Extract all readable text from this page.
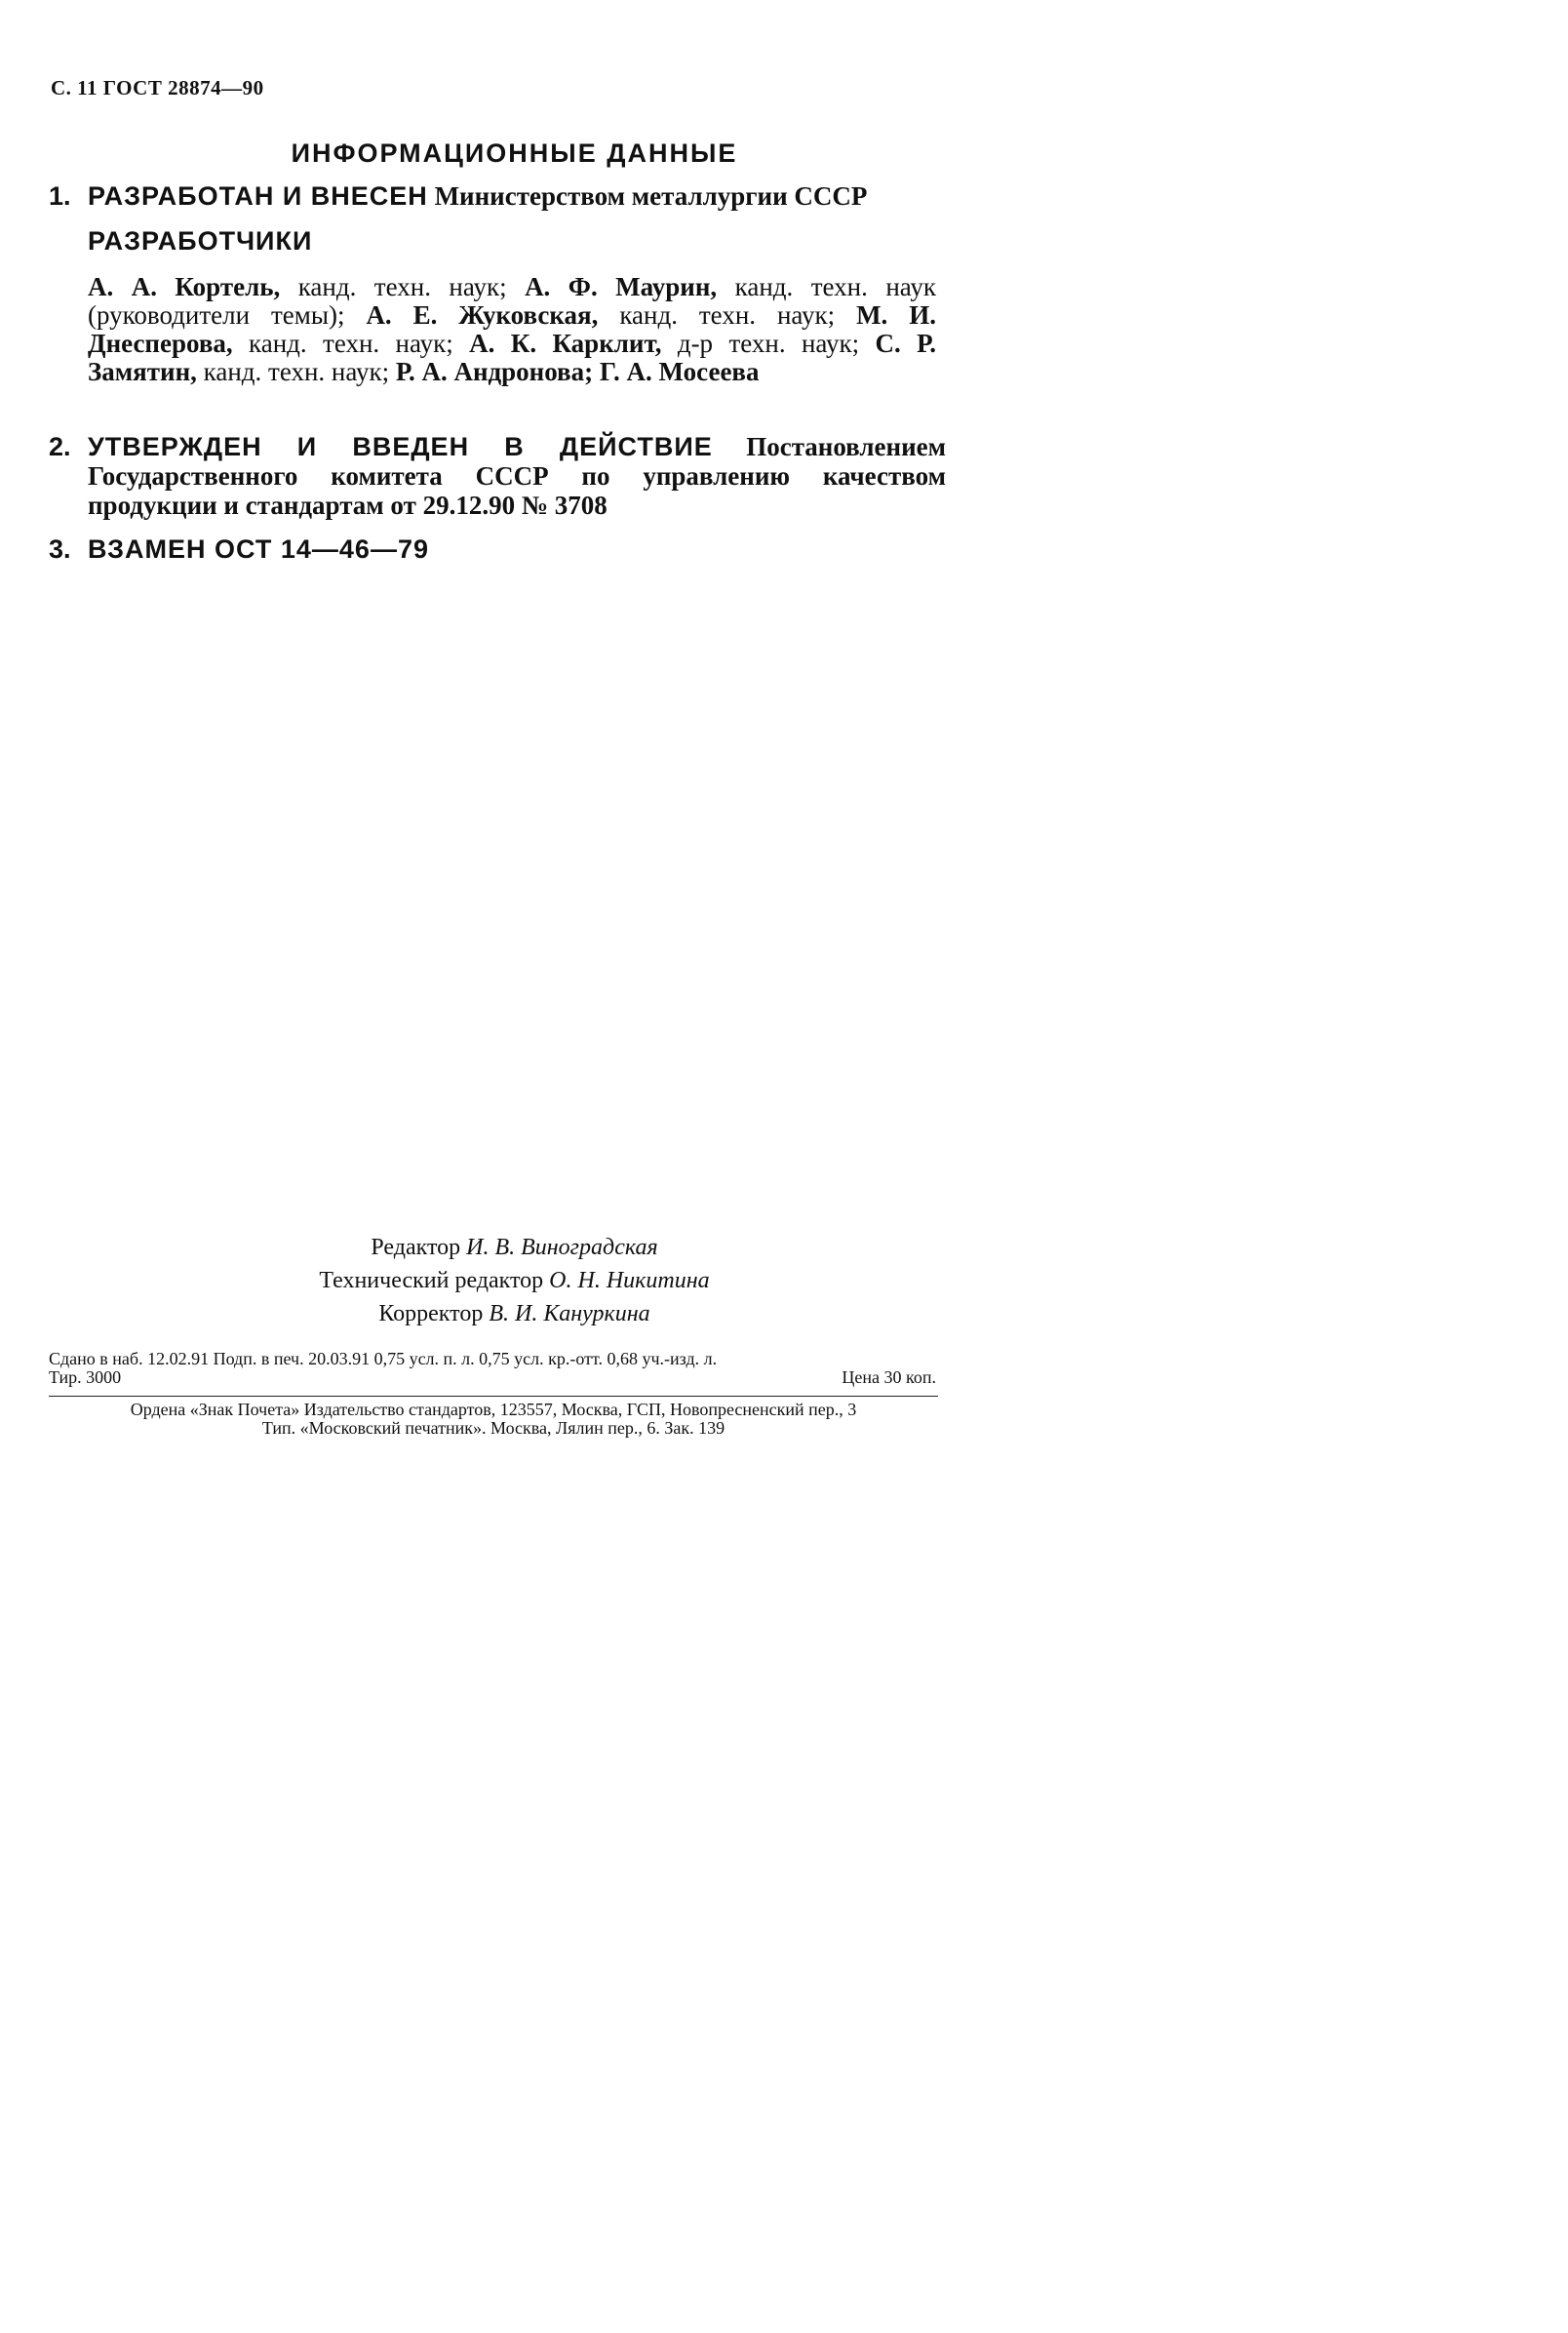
С. 11 ГОСТ 28874—90
ИНФОРМАЦИОННЫЕ ДАННЫЕ
1. РАЗРАБОТАН И ВНЕСЕН Министерством металлургии СССР
РАЗРАБОТЧИКИ
А. А. Кортель, канд. техн. наук; А. Ф. Маурин, канд. техн. наук (руководители темы); А. Е. Жуковская, канд. техн. наук; М. И. Днесперова, канд. техн. наук; А. К. Карклит, д-р техн. наук; С. Р. Замятин, канд. техн. наук; Р. А. Андронова; Г. А. Мосеева
2. УТВЕРЖДЕН И ВВЕДЕН В ДЕЙСТВИЕ Постановлением Государственного комитета СССР по управлению качеством продукции и стандартам от 29.12.90 № 3708
3. ВЗАМЕН ОСТ 14—46—79
Редактор И. В. Виноградская
Технический редактор О. Н. Никитина
Корректор В. И. Кануркина
Сдано в наб. 12.02.91 Подп. в печ. 20.03.91 0,75 усл. п. л. 0,75 усл. кр.-отт. 0,68 уч.-изд. л.
Тир. 3000	Цена 30 коп.
Ордена «Знак Почета» Издательство стандартов, 123557, Москва, ГСП, Новопресненский пер., 3
Тип. «Московский печатник». Москва, Лялин пер., 6. Зак. 139
